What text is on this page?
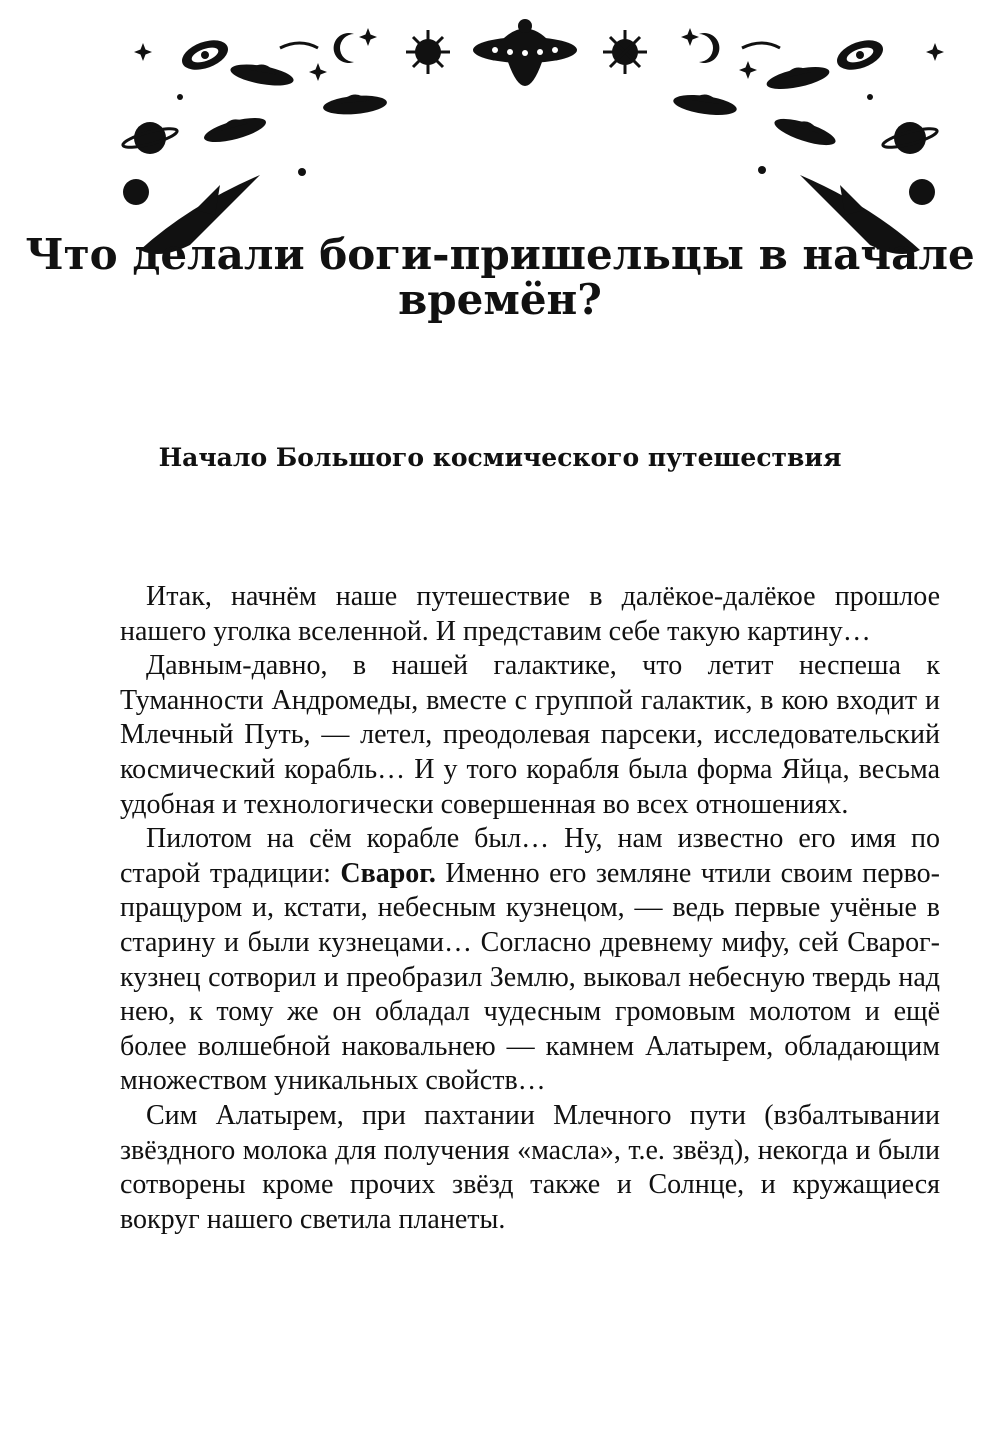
Что делали боги-пришельцы в начале времён?
Начало Большого космического путешествия

Итак, начнём наше путешествие в далёкое-далёкое прошлое нашего уголка вселенной. И представим себе такую картину…

Давным-давно, в нашей галактике, что летит неспешa к Туманности Андромеды, вместе с группой галактик, в кою входит и Млечный Путь, — летел, преодолевая парсеки, исследовательский космический корабль… И у того корабля была форма Яйца, весьма удобная и технологически совершенная во всех отношениях.

Пилотом на сём корабле был… Ну, нам известно его имя по старой традиции: Сварог. Именно его земляне чтили своим перво-пращуром и, кстати, небесным кузнецом, — ведь первые учёные в старину и были кузнецами… Согласно древнему мифу, сей Сварог-кузнец сотворил и преобразил Землю, выковал небесную твердь над нею, к тому же он обладал чудесным громовым молотом и ещё более волшебной наковальнею — камнем Алатырем, обладающим множеством уникальных свойств…

Сим Алатырем, при пахтании Млечного пути (взбалтывании звёздного молока для получения «масла», т.е. звёзд), некогда и были сотворены кроме прочих звёзд также и Солнце, и кружащиеся вокруг нашего светила планеты.
